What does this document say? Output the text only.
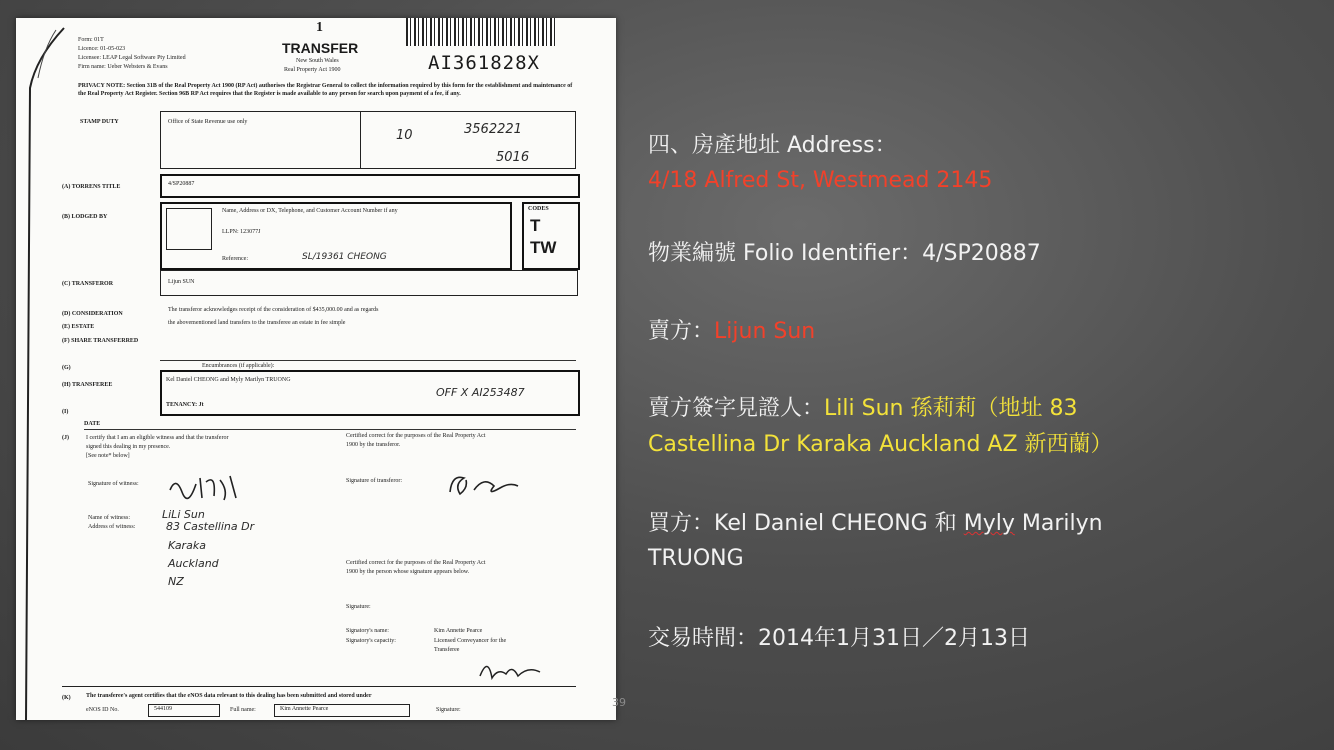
1
Form: 01T
Licence: 01-05-023
Licensee: LEAP Legal Software Pty Limited
Firm name: Ueber Websters & Evans
TRANSFER
New South Wales
Real Property Act 1900	AI361828X
PRIVACY NOTE: Section 31B of the Real Property Act 1900 (RP Act) authorises the Registrar General to collect the information required by this form for the establishment and maintenance of the Real Property Act Register. Section 96B RP Act requires that the Register is made available to any person for search upon payment of a fee, if any.
STAMP DUTY	Office of State Revenue use only
10	3562221
5016
(A) TORRENS TITLE	4/SP20887
(B) LODGED BY
Name, Address or DX, Telephone, and Customer Account Number if any
LLPN: 123077J
Reference:	SL/19361 CHEONG
CODES
T
TW
(C) TRANSFEROR	Lijun SUN
(D) CONSIDERATION
The transferor acknowledges receipt of the consideration of $435,000.00 and as regards
(E) ESTATE
the abovementioned land transfers to the transferee an estate in fee simple
(F) SHARE TRANSFERRED
(G)	Encumbrances (if applicable):
(H) TRANSFEREE
Kel Daniel CHEONG and Myly Marilyn TRUONG
OFF X AI253487
TENANCY: Jt
(I)
DATE
(J)	I certify that I am an eligible witness and that the transferor
signed this dealing in my presence.
[See note* below]
Certified correct for the purposes of the Real Property Act
1900 by the transferor.
Signature of witness:	Signature of transferor:
Name of witness:
Address of witness:
LiLi Sun
83 Castellina Dr
Karaka
Auckland
NZ
Certified correct for the purposes of the Real Property Act
1900 by the person whose signature appears below.
Signature:
Signatory's name:	Kim Annette Pearce
Signatory's capacity:	Licensed Conveyancer for the
Transferee
(K)	The transferee's agent certifies that the eNOS data relevant to this dealing has been submitted and stored under
eNOS ID No.	544109	Full name:	Kim Annette Pearce	Signature:
39
四、房產地址 Address：
4/18 Alfred St, Westmead 2145
物業編號 Folio Identifier：4/SP20887
賣方：Lijun Sun
賣方簽字見證人：Lili Sun 孫莉莉（地址 83
Castellina Dr Karaka Auckland AZ 新西蘭）
買方：Kel Daniel CHEONG 和 Myly Marilyn
TRUONG
交易時間：2014年1月31日／2月13日
